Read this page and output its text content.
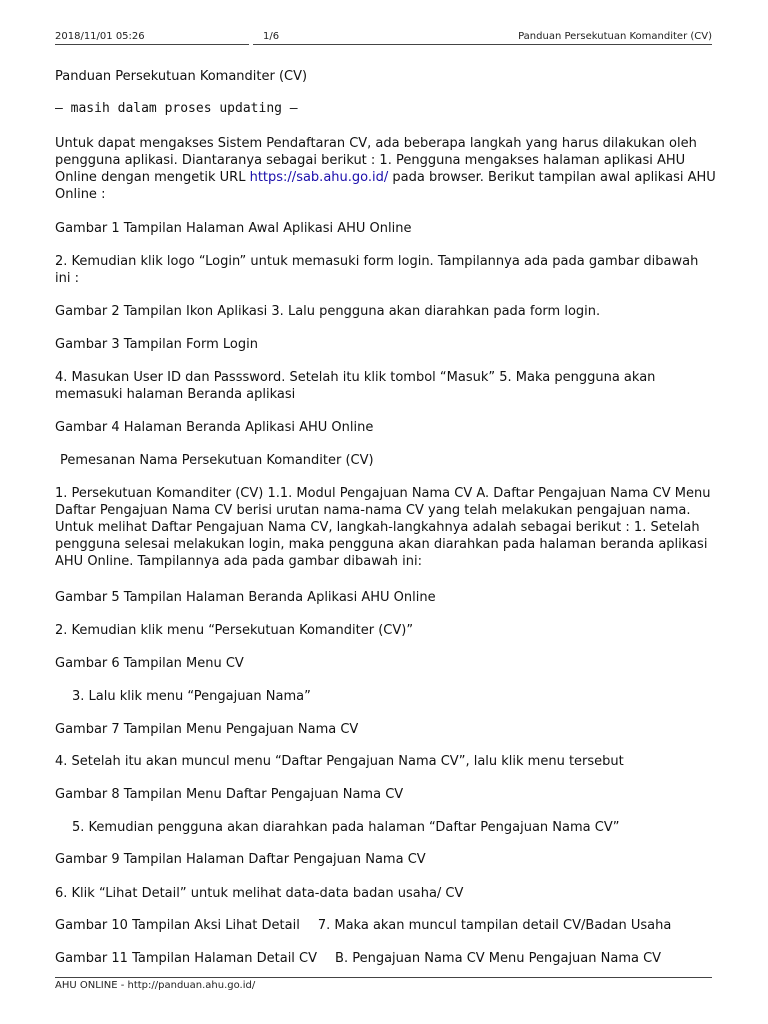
2018/11/01 05:26	1/6	Panduan Persekutuan Komanditer (CV)

Panduan Persekutuan Komanditer (CV)

– masih dalam proses updating –

Untuk dapat mengakses Sistem Pendaftaran CV, ada beberapa langkah yang harus dilakukan oleh pengguna aplikasi. Diantaranya sebagai berikut : 1. Pengguna mengakses halaman aplikasi AHU Online dengan mengetik URL https://sab.ahu.go.id/ pada browser. Berikut tampilan awal aplikasi AHU Online :

Gambar 1 Tampilan Halaman Awal Aplikasi AHU Online

2. Kemudian klik logo “Login” untuk memasuki form login. Tampilannya ada pada gambar dibawah ini :

Gambar 2 Tampilan Ikon Aplikasi 3. Lalu pengguna akan diarahkan pada form login.

Gambar 3 Tampilan Form Login

4. Masukan User ID dan Passsword. Setelah itu klik tombol “Masuk” 5. Maka pengguna akan memasuki halaman Beranda aplikasi

Gambar 4 Halaman Beranda Aplikasi AHU Online

Pemesanan Nama Persekutuan Komanditer (CV)

1. Persekutuan Komanditer (CV) 1.1. Modul Pengajuan Nama CV A. Daftar Pengajuan Nama CV Menu Daftar Pengajuan Nama CV berisi urutan nama-nama CV yang telah melakukan pengajuan nama. Untuk melihat Daftar Pengajuan Nama CV, langkah-langkahnya adalah sebagai berikut : 1. Setelah pengguna selesai melakukan login, maka pengguna akan diarahkan pada halaman beranda aplikasi AHU Online. Tampilannya ada pada gambar dibawah ini:

Gambar 5 Tampilan Halaman Beranda Aplikasi AHU Online

2. Kemudian klik menu “Persekutuan Komanditer (CV)”

Gambar 6 Tampilan Menu CV

3. Lalu klik menu “Pengajuan Nama”

Gambar 7 Tampilan Menu Pengajuan Nama CV

4. Setelah itu akan muncul menu “Daftar Pengajuan Nama CV”, lalu klik menu tersebut

Gambar 8 Tampilan Menu Daftar Pengajuan Nama CV

5. Kemudian pengguna akan diarahkan pada halaman “Daftar Pengajuan Nama CV”

Gambar 9 Tampilan Halaman Daftar Pengajuan Nama CV

6. Klik “Lihat Detail” untuk melihat data-data badan usaha/ CV

Gambar 10 Tampilan Aksi Lihat Detail 7. Maka akan muncul tampilan detail CV/Badan Usaha

Gambar 11 Tampilan Halaman Detail CV B. Pengajuan Nama CV Menu Pengajuan Nama CV

AHU ONLINE - http://panduan.ahu.go.id/
